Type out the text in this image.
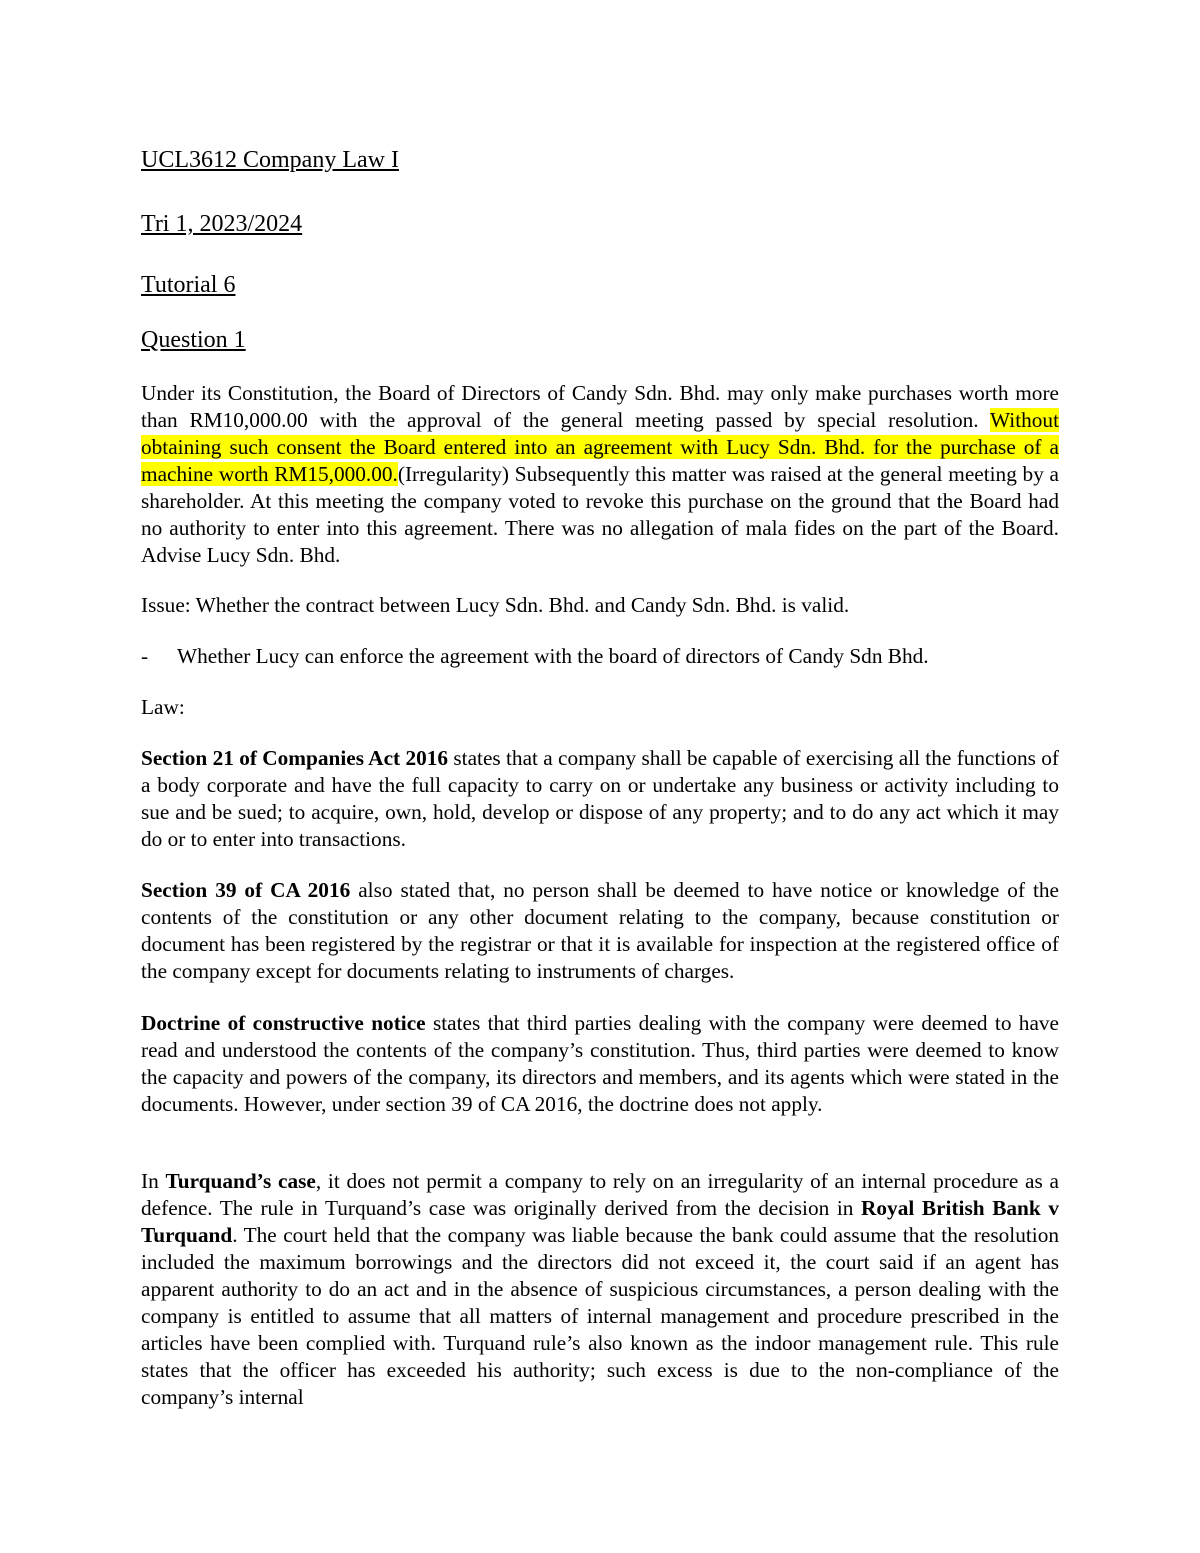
UCL3612 Company Law I
Tri 1, 2023/2024
Tutorial 6
Question 1

Under its Constitution, the Board of Directors of Candy Sdn. Bhd. may only make purchases worth more than RM10,000.00 with the approval of the general meeting passed by special resolution. Without obtaining such consent the Board entered into an agreement with Lucy Sdn. Bhd. for the purchase of a machine worth RM15,000.00.(Irregularity) Subsequently this matter was raised at the general meeting by a shareholder. At this meeting the company voted to revoke this purchase on the ground that the Board had no authority to enter into this agreement. There was no allegation of mala fides on the part of the Board. Advise Lucy Sdn. Bhd.

Issue: Whether the contract between Lucy Sdn. Bhd. and Candy Sdn. Bhd. is valid.
- Whether Lucy can enforce the agreement with the board of directors of Candy Sdn Bhd.
Law:

Section 21 of Companies Act 2016 states that a company shall be capable of exercising all the functions of a body corporate and have the full capacity to carry on or undertake any business or activity including to sue and be sued; to acquire, own, hold, develop or dispose of any property; and to do any act which it may do or to enter into transactions.

Section 39 of CA 2016 also stated that, no person shall be deemed to have notice or knowledge of the contents of the constitution or any other document relating to the company, because constitution or document has been registered by the registrar or that it is available for inspection at the registered office of the company except for documents relating to instruments of charges.

Doctrine of constructive notice states that third parties dealing with the company were deemed to have read and understood the contents of the company’s constitution. Thus, third parties were deemed to know the capacity and powers of the company, its directors and members, and its agents which were stated in the documents. However, under section 39 of CA 2016, the doctrine does not apply.

In Turquand’s case, it does not permit a company to rely on an irregularity of an internal procedure as a defence. The rule in Turquand’s case was originally derived from the decision in Royal British Bank v Turquand. The court held that the company was liable because the bank could assume that the resolution included the maximum borrowings and the directors did not exceed it, the court said if an agent has apparent authority to do an act and in the absence of suspicious circumstances, a person dealing with the company is entitled to assume that all matters of internal management and procedure prescribed in the articles have been complied with. Turquand rule’s also known as the indoor management rule. This rule states that the officer has exceeded his authority; such excess is due to the non-compliance of the company’s internal
